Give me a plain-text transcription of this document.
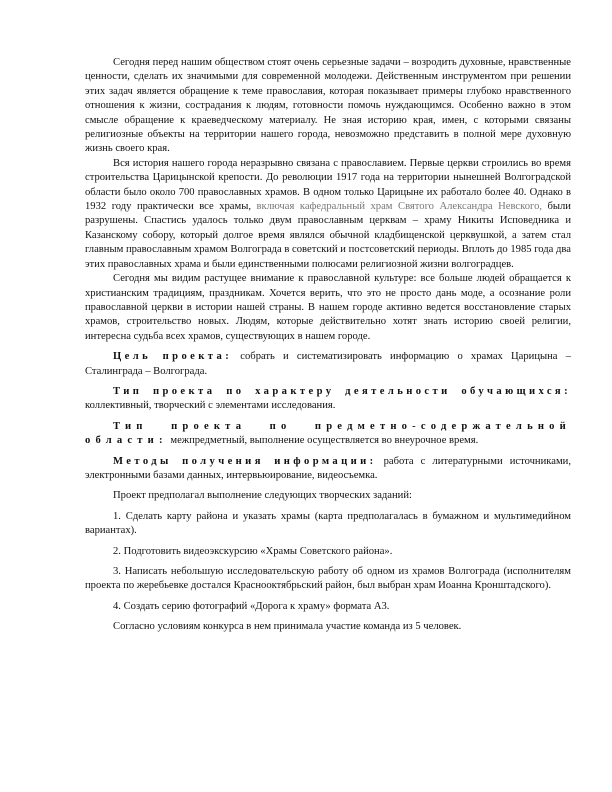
Сегодня перед нашим обществом стоят очень серьезные задачи – возродить духовные, нравственные ценности, сделать их значимыми для современной молодежи. Действенным инструментом при решении этих задач является обращение к теме православия, которая показывает примеры глубоко нравственного отношения к жизни, сострадания к людям, готовности помочь нуждающимся. Особенно важно в этом смысле обращение к краеведческому материалу. Не зная историю края, имен, с которыми связаны религиозные объекты на территории нашего города, невозможно представить в полной мере духовную жизнь своего края.

Вся история нашего города неразрывно связана с православием. Первые церкви строились во время строительства Царицынской крепости. До революции 1917 года на территории нынешней Волгоградской области было около 700 православных храмов. В одном только Царицыне их работало более 40. Однако в 1932 году практически все храмы, включая кафедральный храм Святого Александра Невского, были разрушены. Спастись удалось только двум православным церквам – храму Никиты Исповедника и Казанскому собору, который долгое время являлся обычной кладбищенской церквушкой, а затем стал главным православным храмом Волгограда в советский и постсоветский периоды. Вплоть до 1985 года два этих православных храма и были единственными полюсами религиозной жизни волгоградцев.

Сегодня мы видим растущее внимание к православной культуре: все больше людей обращается к христианским традициям, праздникам. Хочется верить, что это не просто дань моде, а осознание роли православной церкви в истории нашей страны. В нашем городе активно ведется восстановление старых храмов, строительство новых. Людям, которые действительно хотят знать историю своей религии, интересна судьба всех храмов, существующих в нашем городе.

Цель проекта: собрать и систематизировать информацию о храмах Царицына – Сталинграда – Волгограда.

Тип проекта по характеру деятельности обучающихся: коллективный, творческий с элементами исследования.

Тип проекта по предметно-содержательной области: межпредметный, выполнение осуществляется во внеурочное время.

Методы получения информации: работа с литературными источниками, электронными базами данных, интервьюирование, видеосъемка.

Проект предполагал выполнение следующих творческих заданий:

1. Сделать карту района и указать храмы (карта предполагалась в бумажном и мультимедийном вариантах).

2. Подготовить видеоэкскурсию «Храмы Советского района».

3. Написать небольшую исследовательскую работу об одном из храмов Волгограда (исполнителям проекта по жеребьевке достался Краснооктябрьский район, был выбран храм Иоанна Кронштадского).

4. Создать серию фотографий «Дорога к храму» формата А3.

Согласно условиям конкурса в нем принимала участие команда из 5 человек.
